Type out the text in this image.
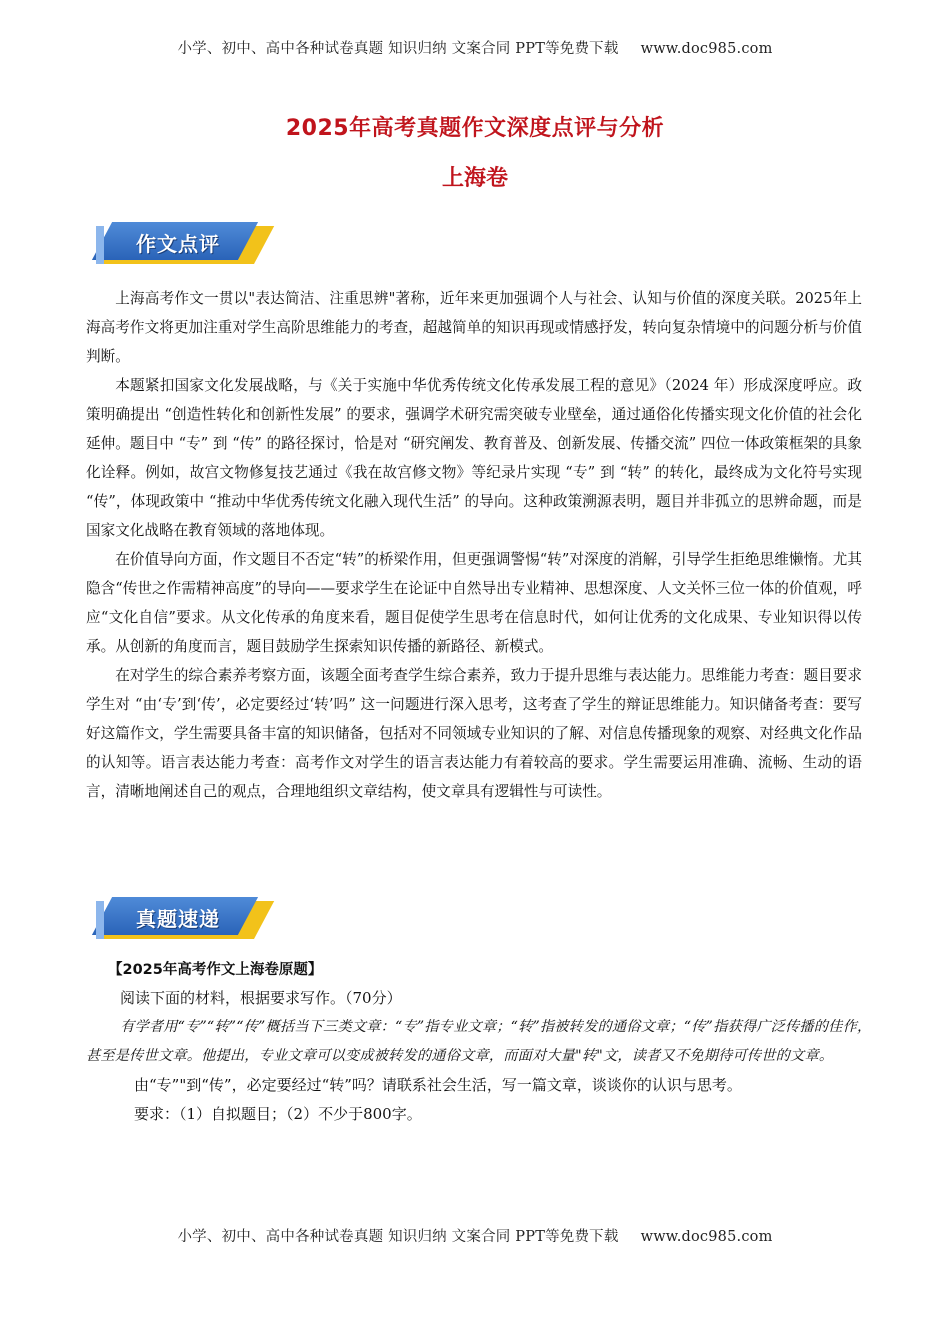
小学、初中、高中各种试卷真题 知识归纳 文案合同 PPT等免费下载 www.doc985.com
2025年高考真题作文深度点评与分析
上海卷
作文点评

上海高考作文一贯以"表达简洁、注重思辨"著称，近年来更加强调个人与社会、认知与价值的深度关联。2025年上海高考作文将更加注重对学生高阶思维能力的考查，超越简单的知识再现或情感抒发，转向复杂情境中的问题分析与价值判断。

本题紧扣国家文化发展战略，与《关于实施中华优秀传统文化传承发展工程的意见》（2024 年）形成深度呼应。政策明确提出 “创造性转化和创新性发展” 的要求，强调学术研究需突破专业壁垒，通过通俗化传播实现文化价值的社会化延伸。题目中 “专” 到 “传” 的路径探讨，恰是对 “研究阐发、教育普及、创新发展、传播交流” 四位一体政策框架的具象化诠释。例如，故宫文物修复技艺通过《我在故宫修文物》等纪录片实现 “专” 到 “转” 的转化，最终成为文化符号实现 “传”，体现政策中 “推动中华优秀传统文化融入现代生活” 的导向。这种政策溯源表明，题目并非孤立的思辨命题，而是国家文化战略在教育领域的落地体现。

在价值导向方面，作文题目不否定“转”的桥梁作用，但更强调警惕“转”对深度的消解，引导学生拒绝思维懒惰。尤其隐含“传世之作需精神高度”的导向——要求学生在论证中自然导出专业精神、思想深度、人文关怀三位一体的价值观，呼应“文化自信”要求。从文化传承的角度来看，题目促使学生思考在信息时代，如何让优秀的文化成果、专业知识得以传承。从创新的角度而言，题目鼓励学生探索知识传播的新路径、新模式。

在对学生的综合素养考察方面，该题全面考查学生综合素养，致力于提升思维与表达能力。思维能力考查：题目要求学生对 “由‘专’到‘传’，必定要经过‘转’吗” 这一问题进行深入思考，这考查了学生的辩证思维能力。知识储备考查：要写好这篇作文，学生需要具备丰富的知识储备，包括对不同领域专业知识的了解、对信息传播现象的观察、对经典文化作品的认知等。语言表达能力考查：高考作文对学生的语言表达能力有着较高的要求。学生需要运用准确、流畅、生动的语言，清晰地阐述自己的观点，合理地组织文章结构，使文章具有逻辑性与可读性。

真题速递

【2025年高考作文上海卷原题】

阅读下面的材料，根据要求写作。（70分）

有学者用“专”“转”“传”概括当下三类文章：“专”指专业文章；“转”指被转发的通俗文章；“传”指获得广泛传播的佳作，甚至是传世文章。他提出，专业文章可以变成被转发的通俗文章，而面对大量"转"文，读者又不免期待可传世的文章。

由“专”"到“传”，必定要经过“转”吗？请联系社会生活，写一篇文章，谈谈你的认识与思考。

要求：（1）自拟题目；（2）不少于800字。

小学、初中、高中各种试卷真题 知识归纳 文案合同 PPT等免费下载 www.doc985.com
